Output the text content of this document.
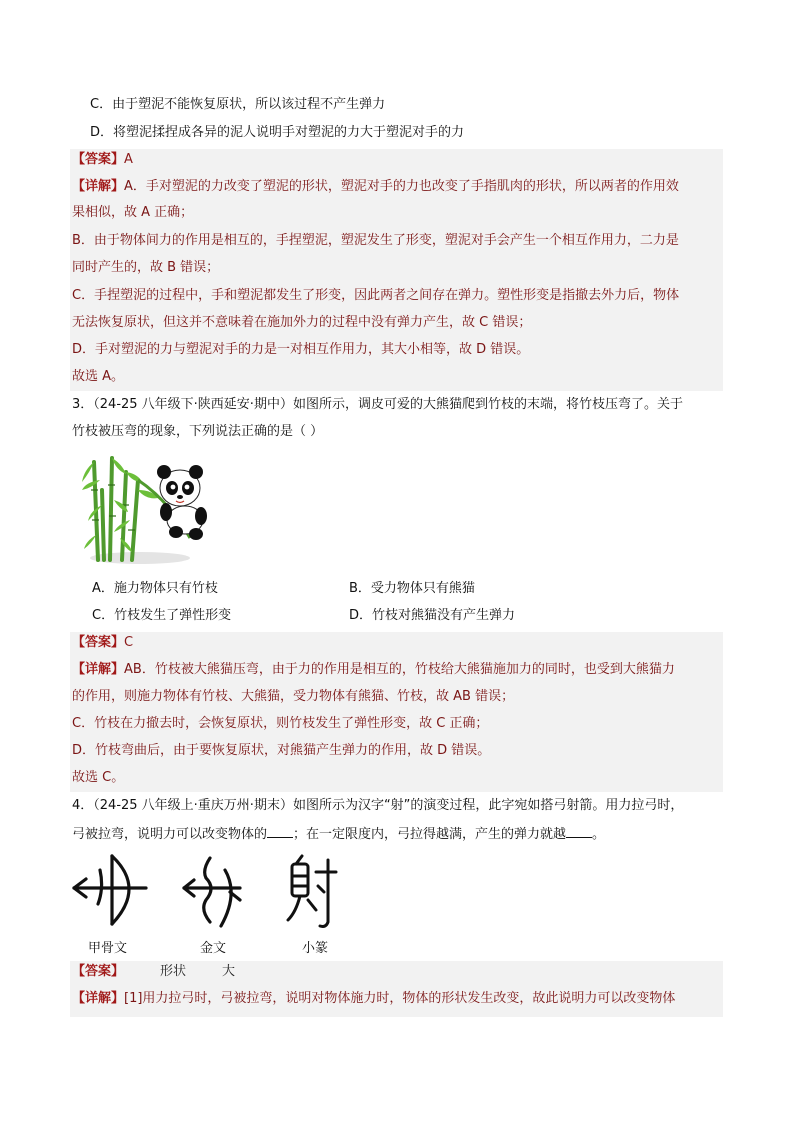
C．由于塑泥不能恢复原状，所以该过程不产生弹力
D．将塑泥揉捏成各异的泥人说明手对塑泥的力大于塑泥对手的力
【答案】A
【详解】A．手对塑泥的力改变了塑泥的形状，塑泥对手的力也改变了手指肌肉的形状，所以两者的作用效
果相似，故 A 正确；
B．由于物体间力的作用是相互的，手捏塑泥，塑泥发生了形变，塑泥对手会产生一个相互作用力，二力是
同时产生的，故 B 错误；
C．手捏塑泥的过程中，手和塑泥都发生了形变，因此两者之间存在弹力。塑性形变是指撤去外力后，物体
无法恢复原状，但这并不意味着在施加外力的过程中没有弹力产生，故 C 错误；
D．手对塑泥的力与塑泥对手的力是一对相互作用力，其大小相等，故 D 错误。
故选 A。
3．（24-25 八年级下·陕西延安·期中）如图所示，调皮可爱的大熊猫爬到竹枝的末端，将竹枝压弯了。关于
竹枝被压弯的现象，下列说法正确的是（ ）
A．施力物体只有竹枝	B．受力物体只有熊猫
C．竹枝发生了弹性形变	D．竹枝对熊猫没有产生弹力
【答案】C
【详解】AB．竹枝被大熊猫压弯，由于力的作用是相互的，竹枝给大熊猫施加力的同时，也受到大熊猫力
的作用，则施力物体有竹枝、大熊猫，受力物体有熊猫、竹枝，故 AB 错误；
C．竹枝在力撤去时，会恢复原状，则竹枝发生了弹性形变，故 C 正确；
D．竹枝弯曲后，由于要恢复原状，对熊猫产生弹力的作用，故 D 错误。
故选 C。
4．（24-25 八年级上·重庆万州·期末）如图所示为汉字“射”的演变过程，此字宛如搭弓射箭。用力拉弓时，
弓被拉弯，说明力可以改变物体的 ；在一定限度内，弓拉得越满，产生的弹力就越 。
甲骨文	金文	小篆
【答案】	形状	大
【详解】[1]用力拉弓时，弓被拉弯，说明对物体施力时，物体的形状发生改变，故此说明力可以改变物体
